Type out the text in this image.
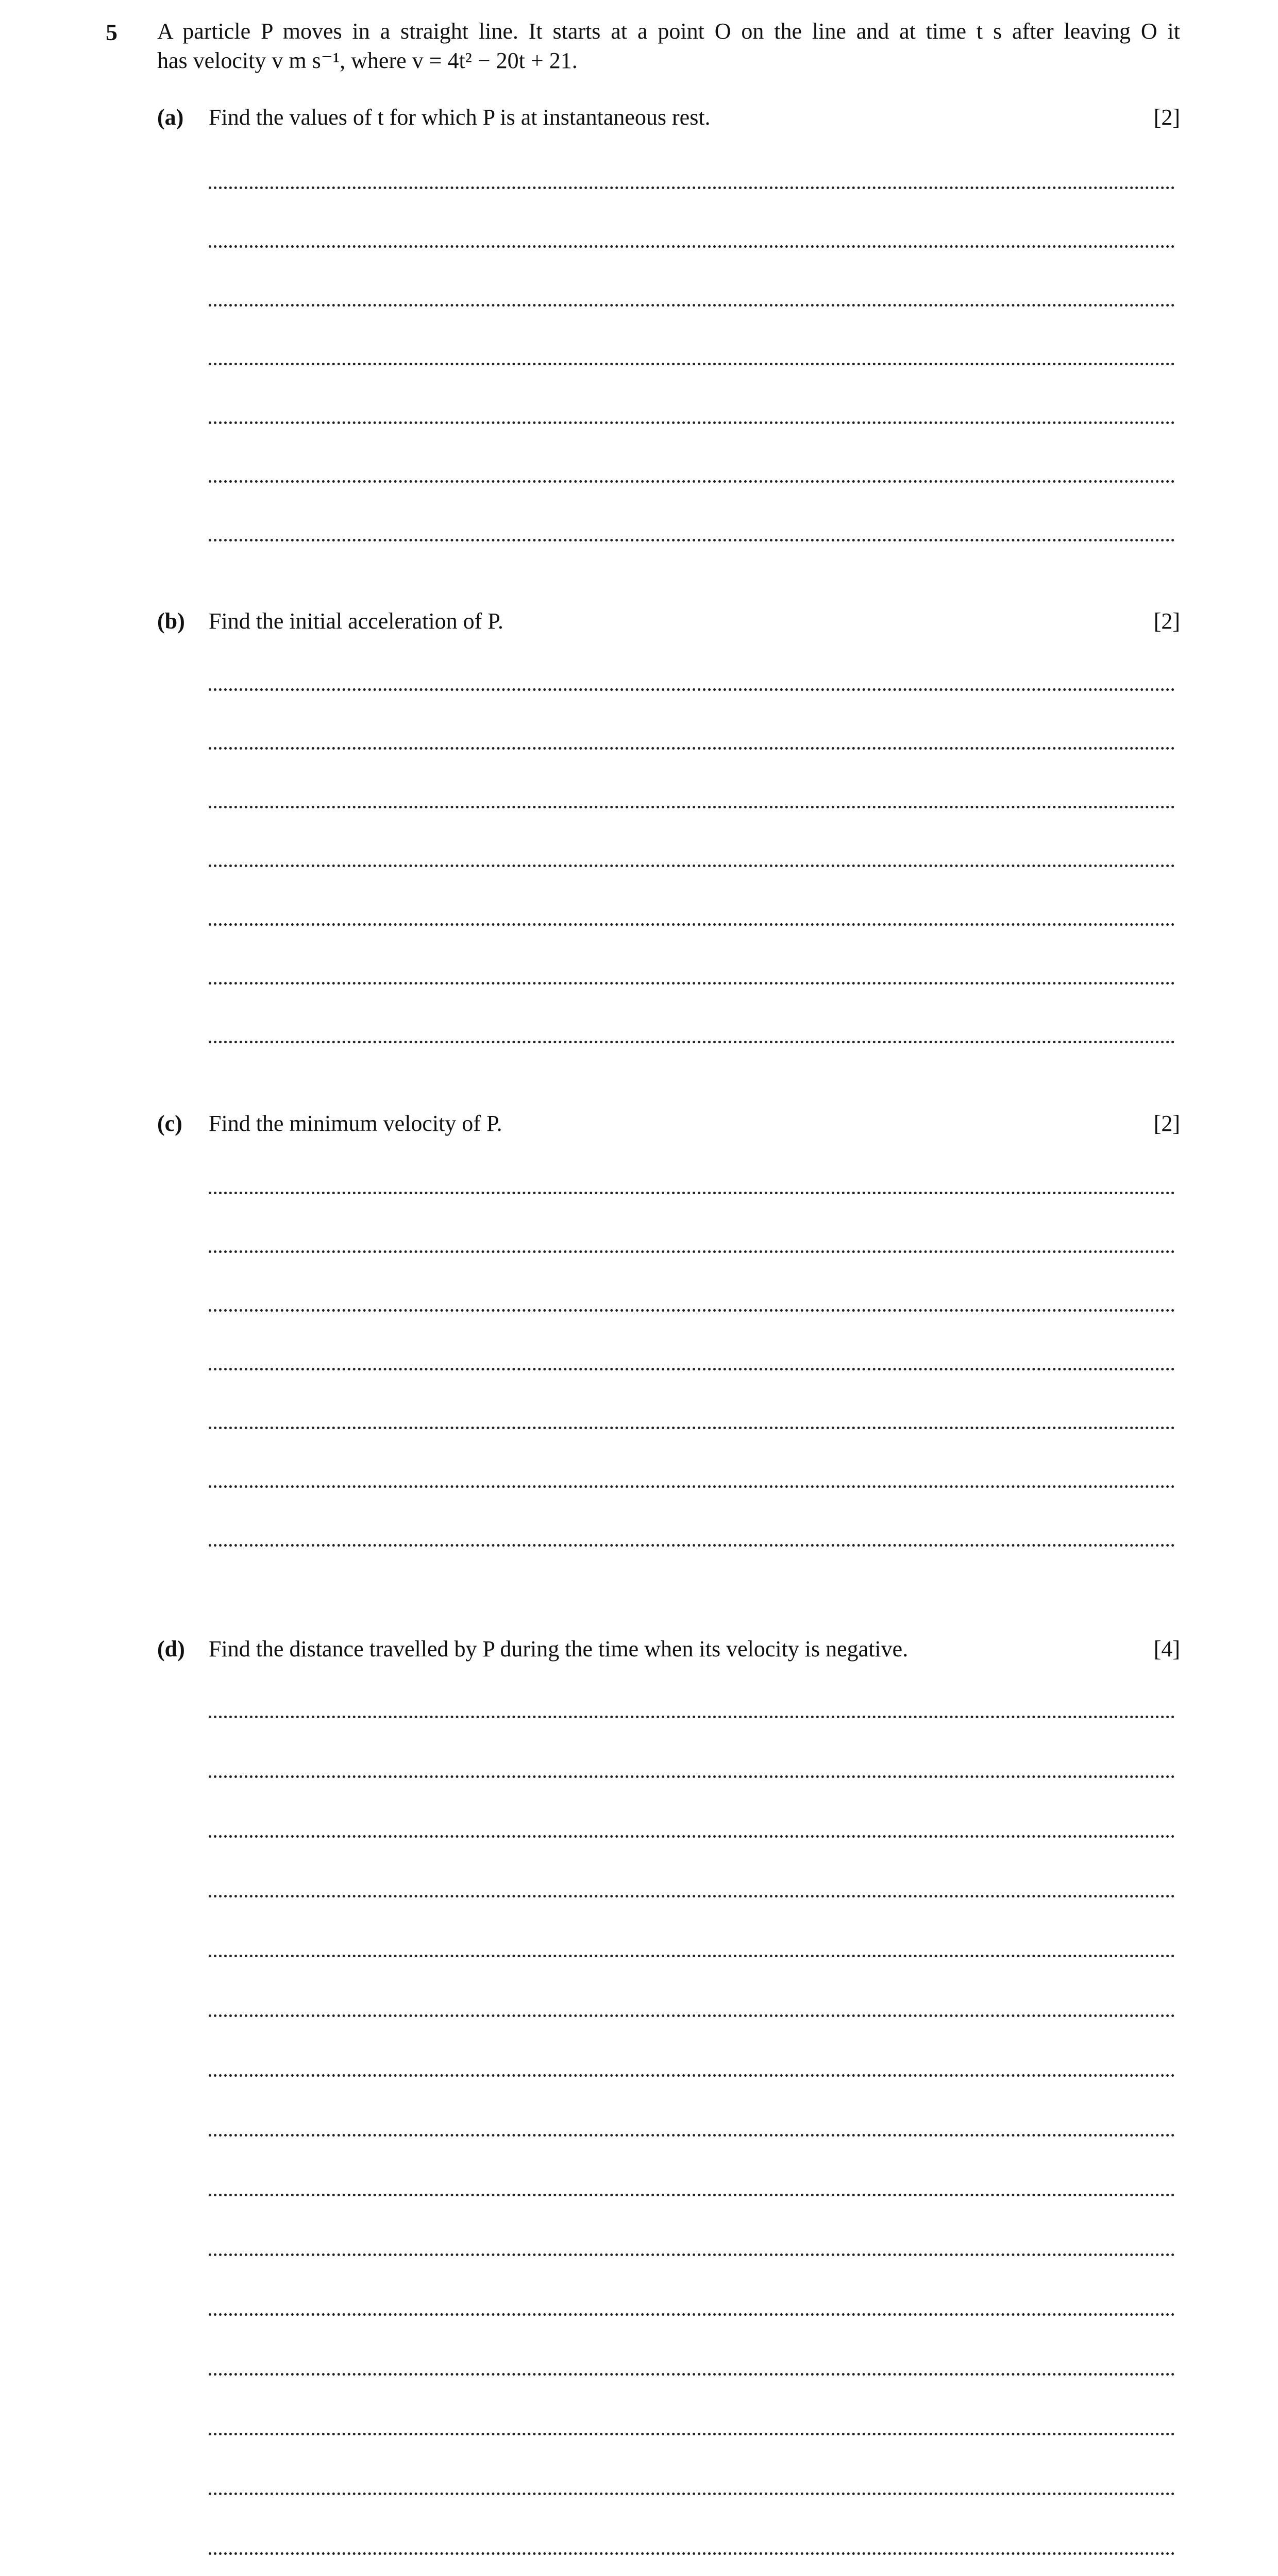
5 A particle P moves in a straight line. It starts at a point O on the line and at time t s after leaving O it

has velocity v m s⁻¹, where v = 4t² − 20t + 21.

(a) Find the values of t for which P is at instantaneous rest.	[2]
(b) Find the initial acceleration of P.	[2]
(c) Find the minimum velocity of P.	[2]
(d) Find the distance travelled by P during the time when its velocity is negative.	[4]
